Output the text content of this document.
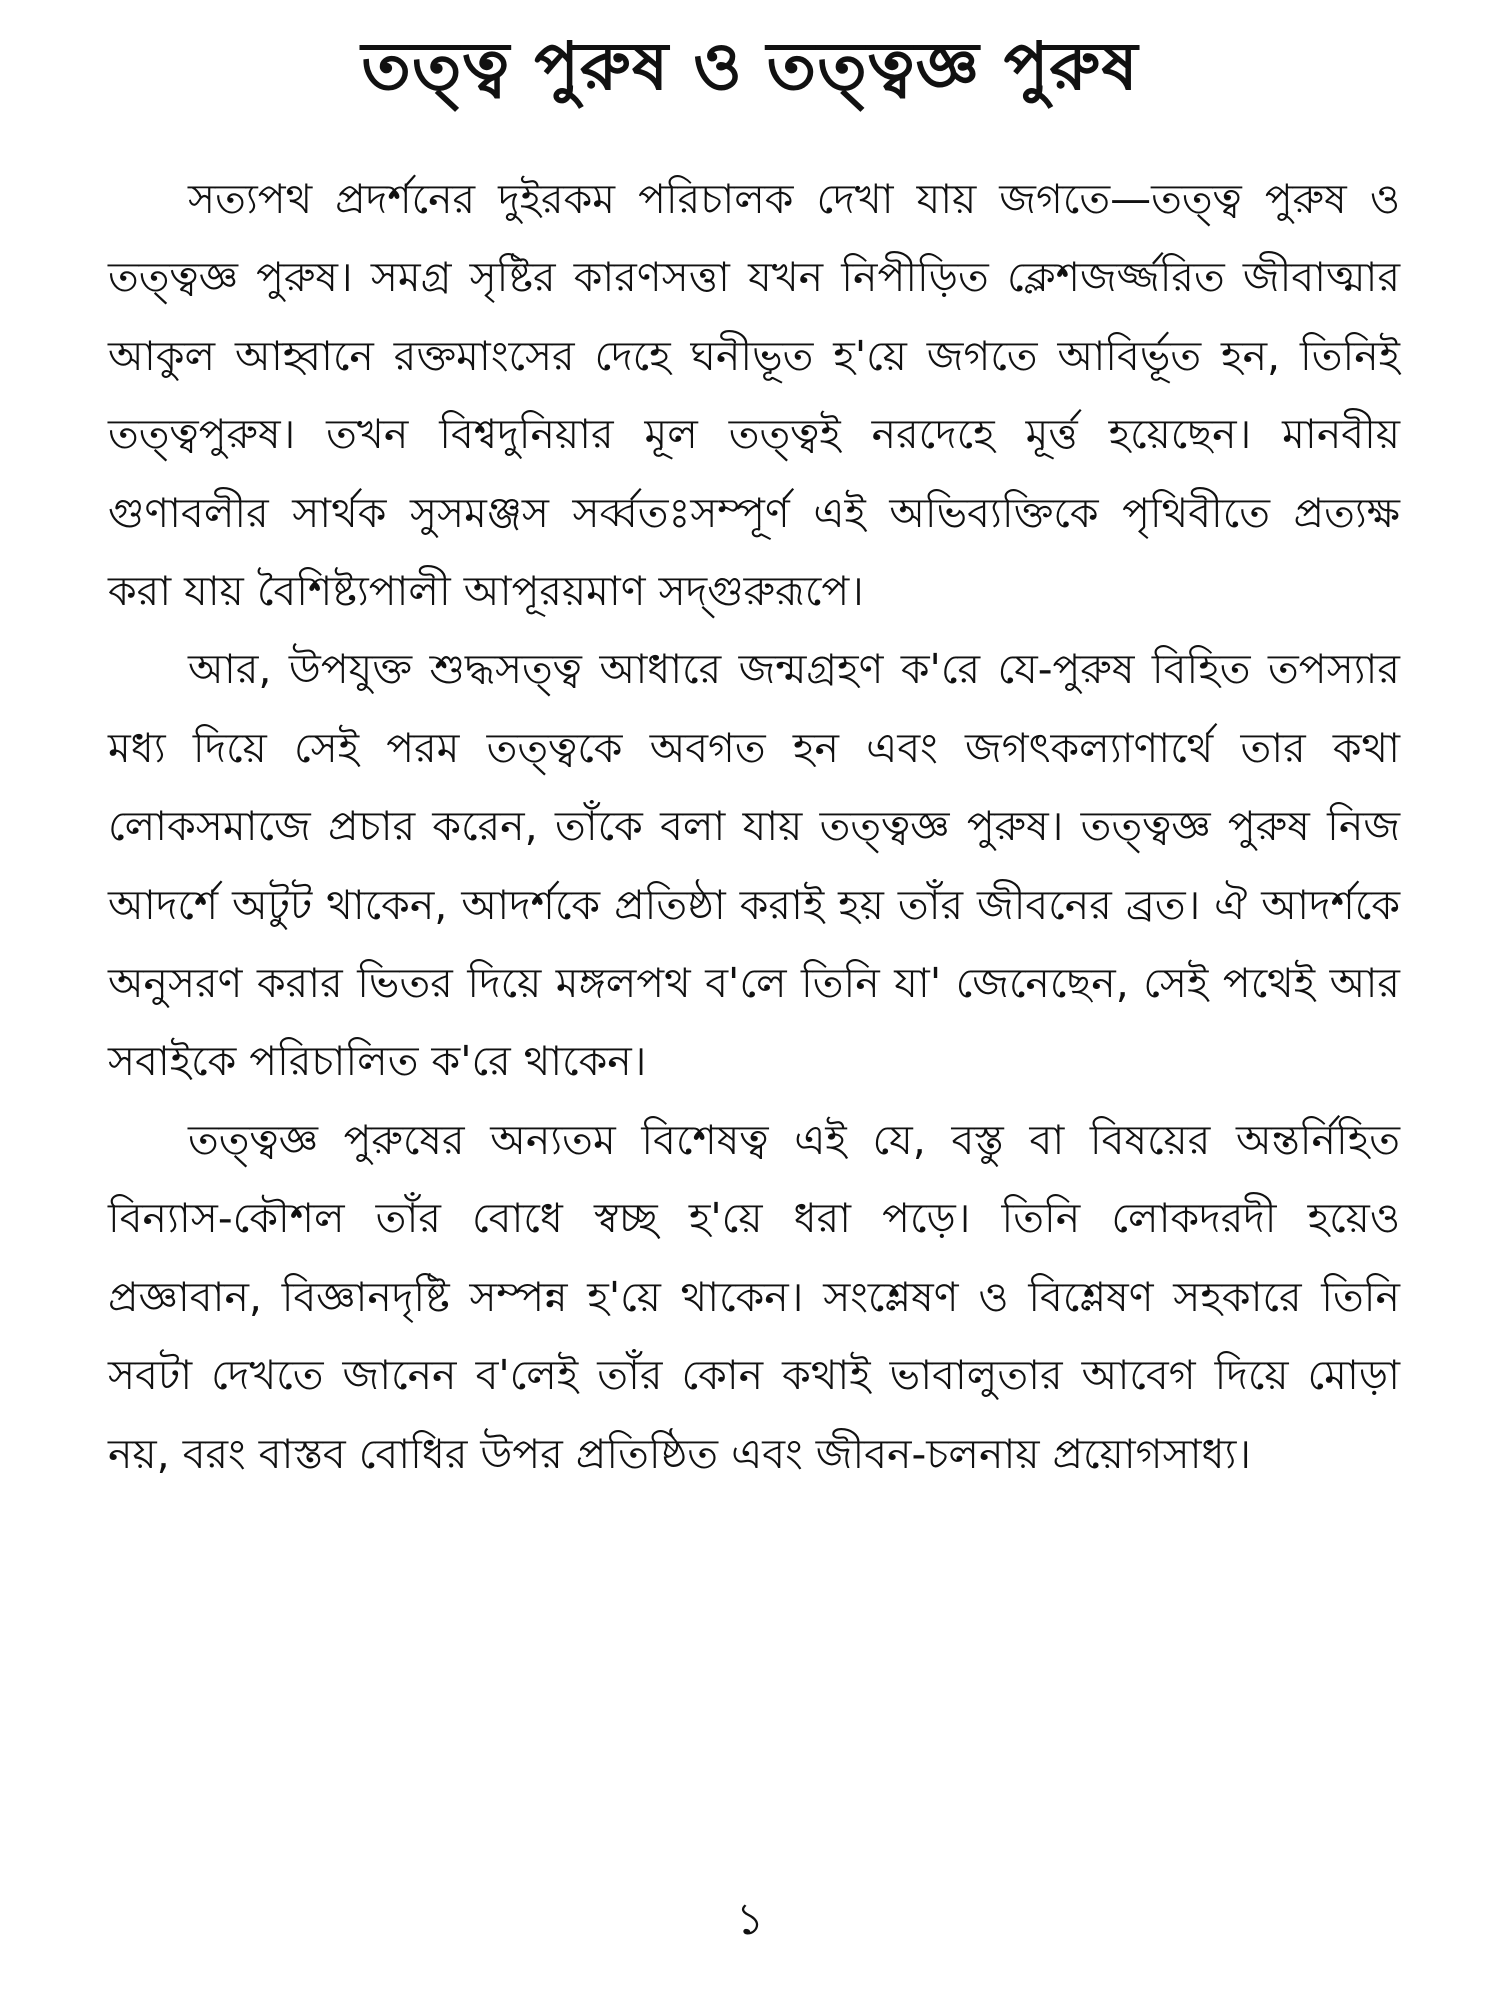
তত্ত্ব পুরুষ ও তত্ত্বজ্ঞ পুরুষ

সত্যপথ প্রদর্শনের দুইরকম পরিচালক দেখা যায় জগতে—তত্ত্ব পুরুষ ও তত্ত্বজ্ঞ পুরুষ। সমগ্র সৃষ্টির কারণসত্তা যখন নিপীড়িত ক্লেশজর্জ্জরিত জীবাত্মার আকুল আহ্বানে রক্তমাংসের দেহে ঘনীভূত হ'য়ে জগতে আবির্ভূত হন, তিনিই তত্ত্বপুরুষ। তখন বিশ্বদুনিয়ার মূল তত্ত্বই নরদেহে মূর্ত্ত হয়েছেন। মানবীয় গুণাবলীর সার্থক সুসমঞ্জস সর্ব্বতঃসম্পূর্ণ এই অভিব্যক্তিকে পৃথিবীতে প্রত্যক্ষ করা যায় বৈশিষ্ট্যপালী আপূরয়মাণ সদ্গুরুরূপে।

আর, উপযুক্ত শুদ্ধসত্ত্ব আধারে জন্মগ্রহণ ক'রে যে-পুরুষ বিহিত তপস্যার মধ্য দিয়ে সেই পরম তত্ত্বকে অবগত হন এবং জগৎকল্যাণার্থে তার কথা লোকসমাজে প্রচার করেন, তাঁকে বলা যায় তত্ত্বজ্ঞ পুরুষ। তত্ত্বজ্ঞ পুরুষ নিজ আদর্শে অটুট থাকেন, আদর্শকে প্রতিষ্ঠা করাই হয় তাঁর জীবনের ব্রত। ঐ আদর্শকে অনুসরণ করার ভিতর দিয়ে মঙ্গলপথ ব'লে তিনি যা' জেনেছেন, সেই পথেই আর সবাইকে পরিচালিত ক'রে থাকেন।

তত্ত্বজ্ঞ পুরুষের অন্যতম বিশেষত্ব এই যে, বস্তু বা বিষয়ের অন্তর্নিহিত বিন্যাস-কৌশল তাঁর বোধে স্বচ্ছ হ'য়ে ধরা পড়ে। তিনি লোকদরদী হয়েও প্রজ্ঞাবান, বিজ্ঞানদৃষ্টি সম্পন্ন হ'য়ে থাকেন। সংশ্লেষণ ও বিশ্লেষণ সহকারে তিনি সবটা দেখতে জানেন ব'লেই তাঁর কোন কথাই ভাবালুতার আবেগ দিয়ে মোড়া নয়, বরং বাস্তব বোধির উপর প্রতিষ্ঠিত এবং জীবন-চলনায় প্রয়োগসাধ্য।

১
